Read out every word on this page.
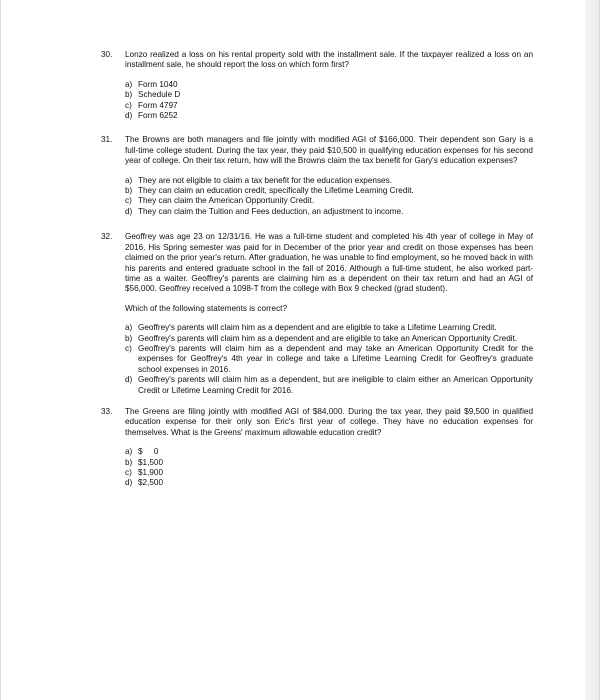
30.	Lonzo realized a loss on his rental property sold with the installment sale. If the taxpayer realized a loss on an installment sale, he should report the loss on which form first?
a) Form 1040
b) Schedule D
c) Form 4797
d) Form 6252
31.	The Browns are both managers and file jointly with modified AGI of $166,000. Their dependent son Gary is a full-time college student. During the tax year, they paid $10,500 in qualifying education expenses for his second year of college. On their tax return, how will the Browns claim the tax benefit for Gary's education expenses?
a) They are not eligible to claim a tax benefit for the education expenses.
b) They can claim an education credit, specifically the Lifetime Learning Credit.
c) They can claim the American Opportunity Credit.
d) They can claim the Tuition and Fees deduction, an adjustment to income.
32.	Geoffrey was age 23 on 12/31/16. He was a full-time student and completed his 4th year of college in May of 2016. His Spring semester was paid for in December of the prior year and credit on those expenses has been claimed on the prior year's return. After graduation, he was unable to find employment, so he moved back in with his parents and entered graduate school in the fall of 2016. Although a full-time student, he also worked part-time as a waiter. Geoffrey's parents are claiming him as a dependent on their tax return and had an AGI of $56,000. Geoffrey received a 1098-T from the college with Box 9 checked (grad student).
Which of the following statements is correct?
a) Geoffrey's parents will claim him as a dependent and are eligible to take a Lifetime Learning Credit.
b) Geoffrey's parents will claim him as a dependent and are eligible to take an American Opportunity Credit.
c) Geoffrey's parents will claim him as a dependent and may take an American Opportunity Credit for the expenses for Geoffrey's 4th year in college and take a Lifetime Learning Credit for Geoffrey's graduate school expenses in 2016.
d) Geoffrey's parents will claim him as a dependent, but are ineligible to claim either an American Opportunity Credit or Lifetime Learning Credit for 2016.
33.	The Greens are filing jointly with modified AGI of $84,000. During the tax year, they paid $9,500 in qualified education expense for their only son Eric's first year of college. They have no education expenses for themselves. What is the Greens' maximum allowable education credit?
a) $     0
b) $1,500
c) $1,900
d) $2,500
